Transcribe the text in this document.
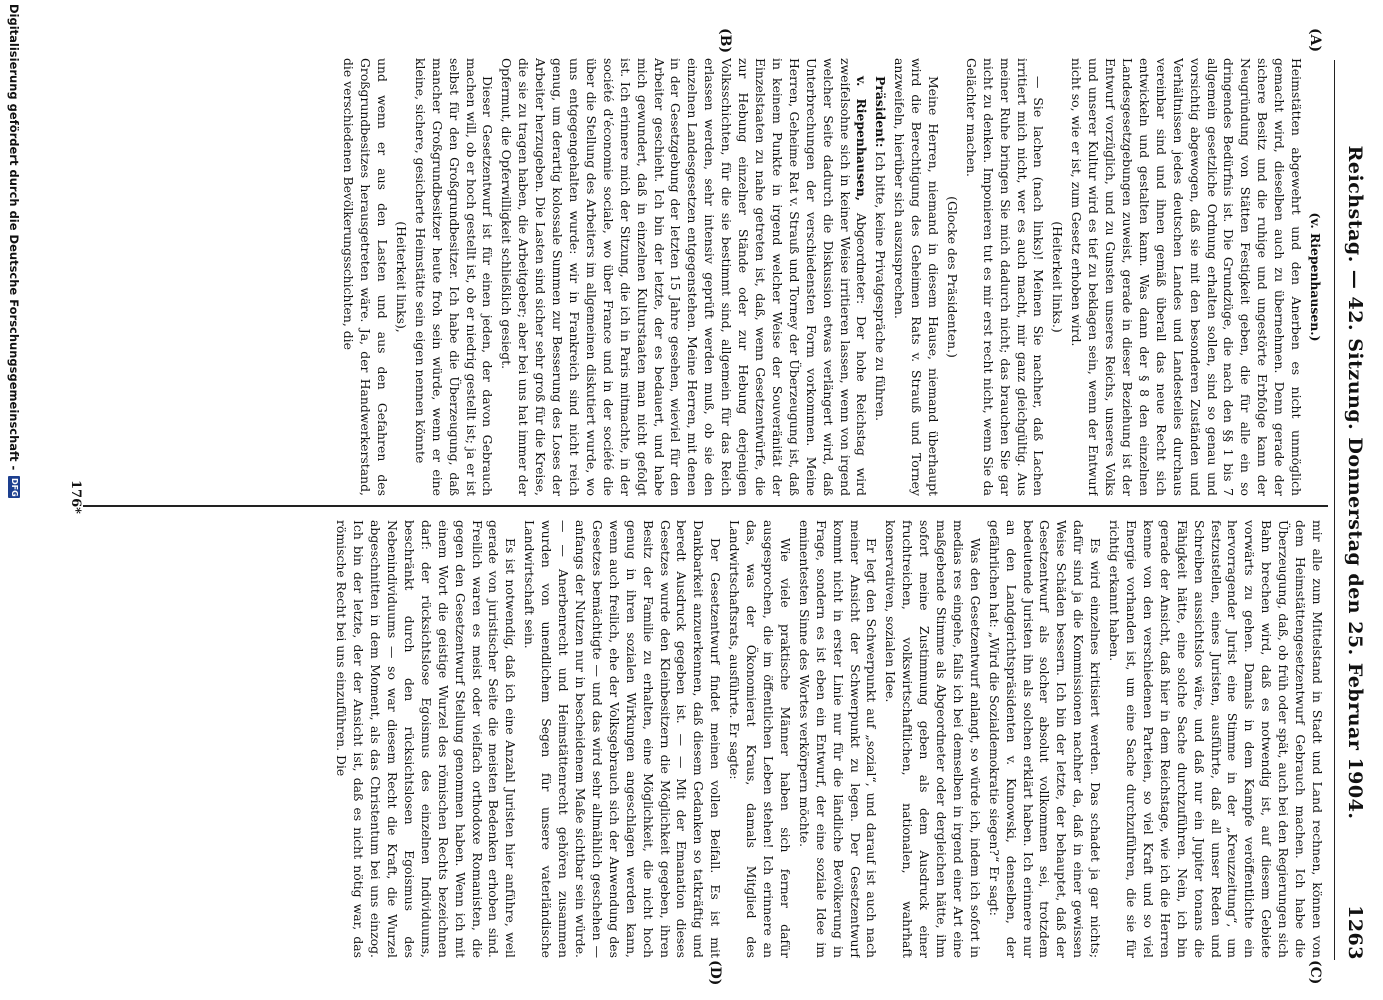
Reichstag. — 42. Sitzung. Donnerstag den 25. Februar 1904.
1263
(A)
(B)
(C)
(D)

(v. Riepenhausen.)

Heimstätten abgewehrt und den Anerben es nicht unmöglich gemacht wird, dieselben auch zu übernehmen. Denn gerade der sichere Besitz und die ruhige und ungestörte Erbfolge kann der Neugründung von Stätten Festigkeit geben, die für alle ein so dringendes Bedürfnis ist. Die Grundzüge, die nach den §§ 1 bis 7 allgemein gesetzliche Ordnung erhalten sollen, sind so genau und vorsichtig abgewogen, daß sie mit den besonderen Zuständen und Verhältnissen jedes deutschen Landes und Landesteiles durchaus vereinbar sind und ihnen gemäß überall das neue Recht sich entwickeln und gestalten kann. Was dann der § 8 den einzelnen Landesgesetzgebungen zuweist, gerade in dieser Beziehung ist der Entwurf vorzüglich, und zu Gunsten unseres Reichs, unseres Volks und unserer Kultur wird es tief zu beklagen sein, wenn der Entwurf nicht so, wie er ist, zum Gesetz erhoben wird.

(Heiterkeit links.)

— Sie lachen (nach links)! Meinen Sie nachher, daß Lachen irritiert mich nicht, wer es auch macht, mir ganz gleichgültig. Aus meiner Ruhe bringen Sie mich dadurch nicht; das brauchen Sie gar nicht zu denken. Imponieren tut es mir erst recht nicht, wenn Sie da Gelächter machen.

(Glocke des Präsidenten.)

Meine Herren, niemand in diesem Hause, niemand überhaupt wird die Berechtigung des Geheimen Rats v. Strauß und Torney anzweifeln, hierüber sich auszusprechen.

Präsident: Ich bitte, keine Privatgespräche zu führen.

v. Riepenhausen, Abgeordneter: Der hohe Reichstag wird zweifelsohne sich in keiner Weise irritieren lassen, wenn von irgend welcher Seite dadurch die Diskussion etwas verlängert wird, daß Unterbrechungen der verschiedensten Form vorkommen. Meine Herren, Geheime Rat v. Strauß und Torney der Überzeugung ist, daß in keinem Punkte in irgend welcher Weise der Souveränität der Einzelstaaten zu nahe getreten ist, daß, wenn Gesetzentwürfe, die zur Hebung einzelner Stände oder zur Hebung derjenigen Volksschichten, für die sie bestimmt sind, allgemein für das Reich erlassen werden, sehr intensiv geprüft werden muß, ob sie den einzelnen Landesgesetzen entgegenstehen. Meine Herren, mit denen in der Gesetzgebung der letzten 15 Jahre gesehen, wieviel für den Arbeiter geschieht. Ich bin der letzte, der es bedauert, und habe mich gewundert, daß in einzelnen Kulturstaaten man nicht gefolgt ist. Ich erinnere mich der Sitzung, die ich in Paris mitmachte, in der société d'économie sociale, wo über France und in der société die über die Stellung des Arbeiters im allgemeinen diskutiert wurde, wo uns entgegengehalten wurde: wir in Frankreich sind nicht reich genug, um derartig kolossale Summen zur Besserung des Loses der Arbeiter herzugeben. Die Lasten sind sicher sehr groß für die Kreise, die sie zu tragen haben, die Arbeitgeber; aber bei uns hat immer der Opfermut, die Opferwilligkeit schließlich gesiegt.

Dieser Gesetzentwurf ist für einen jeden, der davon Gebrauch machen will, ob er hoch gestellt ist, ob er niedrig gestellt ist; ja er ist selbst für den Großgrundbesitzer. Ich habe die Überzeugung, daß mancher Großgrundbesitzer heute froh sein würde, wenn er eine kleine, sichere, gesicherte Heimstätte sein eigen nennen könnte

(Heiterkeit links),

und wenn er aus den Lasten und aus den Gefahren des Großgrundbesitzes herausgetreten wäre. Ja, der Handwerkerstand, die verschiedenen Bevölkerungsschichten, die

mir alle zum Mittelstand in Stadt und Land rechnen, können von dem Heimstättengesetzentwurf Gebrauch machen. Ich habe die Überzeugung, daß, ob früh oder spät, auch bei den Regierungen sich Bahn brechen wird, daß es notwendig ist, auf diesem Gebiete vorwärts zu gehen. Damals in dem Kampfe veröffentlichte ein hervorragender Jurist eine Stimme in der „Kreuzzeitung“, um festzustellen, eines Juristen, ausführte, daß all unser Reden und Schreiben aussichtslos wäre, und daß nur ein Jupiter tonans die Fähigkeit hätte, eine solche Sache durchzuführen. Nein, ich bin gerade der Ansicht, daß hier in dem Reichstage, wie ich die Herren kenne von den verschiedenen Parteien, so viel Kraft und so viel Energie vorhanden ist, um eine Sache durchzuführen, die sie für richtig erkannt haben.

Es wird einzelnes kritisiert werden. Das schadet ja gar nichts; dafür sind ja die Kommissionen nachher da, daß in einer gewissen Weise Schäden bessern. Ich bin der letzte, der behauptet, daß der Gesetzentwurf als solcher absolut vollkommen sei, trotzdem bedeutende Juristen ihn als solchen erklärt haben. Ich erinnere nur an den Landgerichtspräsidenten v. Kunowski, denselben, der gefährlichen hat: „Wird die Sozialdemokratie siegen?“ Er sagt:

Was den Gesetzentwurf anlangt, so würde ich, indem ich sofort in medias res eingehe, falls ich bei demselben in irgend einer Art eine maßgebende Stimme als Abgeordneter oder dergleichen hätte, ihm sofort meine Zustimmung geben als dem Ausdruck einer fruchtreichen, volkswirtschaftlichen, nationalen, wahrhaft konservativen, sozialen Idee.

Er legt den Schwerpunkt auf „sozial“, und darauf ist auch nach meiner Ansicht der Schwerpunkt zu legen. Der Gesetzentwurf kommt nicht in erster Linie nur für die ländliche Bevölkerung in Frage, sondern es ist eben ein Entwurf, der eine soziale Idee im eminentesten Sinne des Wortes verkörpern möchte.

Wie viele praktische Männer haben sich ferner dafür ausgesprochen, die im öffentlichen Leben stehen! Ich erinnere an das, was der Ökonomierat Kraus, damals Mitglied des Landwirtschaftsrats, ausführte. Er sagte:

Der Gesetzentwurf findet meinen vollen Beifall. Es ist mit Dankbarkeit anzuerkennen, daß diesem Gedanken so tatkräftig und beredt Ausdruck gegeben ist. — — Mit der Emanation dieses Gesetzes wurde den Kleinbesitzern die Möglichkeit gegeben, ihren Besitz der Familie zu erhalten, eine Möglichkeit, die nicht hoch genug in ihren sozialen Wirkungen angeschlagen werden kann, wenn auch freilich, ehe der Volksgebrauch sich der Anwendung des Gesetzes bemächtigte — und das wird sehr allmählich geschehen — anfangs der Nutzen nur in bescheidenem Maße sichtbar sein würde. — — Anerbenrecht und Heimstättenrecht gehören zusammen wurden von unendlichem Segen für unsere vaterländische Landwirtschaft sein.

Es ist notwendig, daß ich eine Anzahl Juristen hier anführe, weil gerade von juristischer Seite die meisten Bedenken erhoben sind. Freilich waren es meist oder vielfach orthodoxe Romanisten, die gegen den Gesetzentwurf Stellung genommen haben. Wenn ich mit einem Wort die geistige Wurzel des römischen Rechts bezeichnen darf: der rücksichtslose Egoismus des einzelnen Individuums, beschränkt durch den rücksichtslosen Egoismus des Nebenindividuums — so war diesem Recht die Kraft, die Wurzel abgeschnitten in dem Moment, als das Christentum bei uns einzog. Ich bin der letzte, der der Ansicht ist, daß es nicht nötig war, das römische Recht bei uns einzuführen. Die

176*
Digitalisierung gefördert durch die Deutsche Forschungsgemeinschaft -
DFG
